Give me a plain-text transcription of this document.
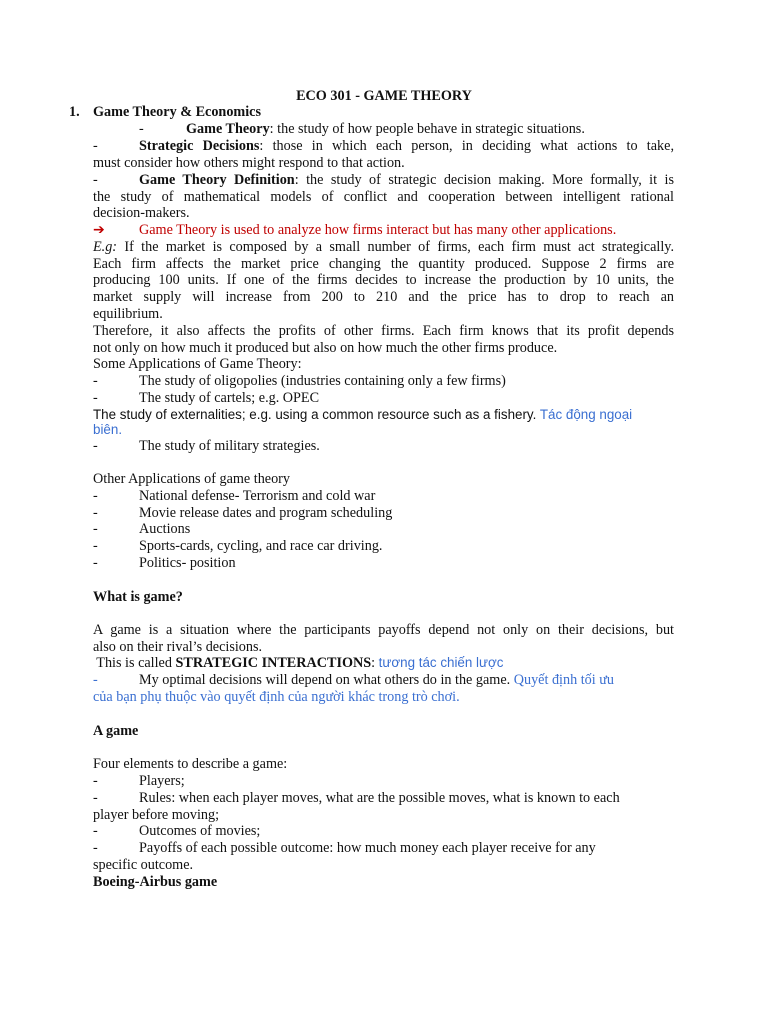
ECO 301 - GAME THEORY
1. Game Theory & Economics
-	Game Theory: the study of how people behave in strategic situations.
-	Strategic Decisions: those in which each person, in deciding what actions to take,
must consider how others might respond to that action.
-	Game Theory Definition: the study of strategic decision making. More formally, it is
the study of mathematical models of conflict and cooperation between intelligent rational
decision-makers.
➔ Game Theory is used to analyze how firms interact but has many other applications.
E.g: If the market is composed by a small number of firms, each firm must act strategically.
Each firm affects the market price changing the quantity produced. Suppose 2 firms are
producing 100 units. If one of the firms decides to increase the production by 10 units, the
market supply will increase from 200 to 210 and the price has to drop to reach an
equilibrium.
Therefore, it also affects the profits of other firms. Each firm knows that its profit depends
not only on how much it produced but also on how much the other firms produce.
Some Applications of Game Theory:
-	The study of oligopolies (industries containing only a few firms)
-	The study of cartels; e.g. OPEC
The study of externalities; e.g. using a common resource such as a fishery. Tác động ngoại
biên.
-	The study of military strategies.
Other Applications of game theory
-	National defense- Terrorism and cold war
-	Movie release dates and program scheduling
-	Auctions
-	Sports-cards, cycling, and race car driving.
-	Politics- position
What is game?
A game is a situation where the participants payoffs depend not only on their decisions, but
also on their rival’s decisions.
This is called STRATEGIC INTERACTIONS: tương tác chiến lược
-	My optimal decisions will depend on what others do in the game. Quyết định tối ưu
của bạn phụ thuộc vào quyết định của người khác trong trò chơi.
A game
Four elements to describe a game:
-	Players;
-	Rules: when each player moves, what are the possible moves, what is known to each
player before moving;
-	Outcomes of movies;
-	Payoffs of each possible outcome: how much money each player receive for any
specific outcome.
Boeing-Airbus game
